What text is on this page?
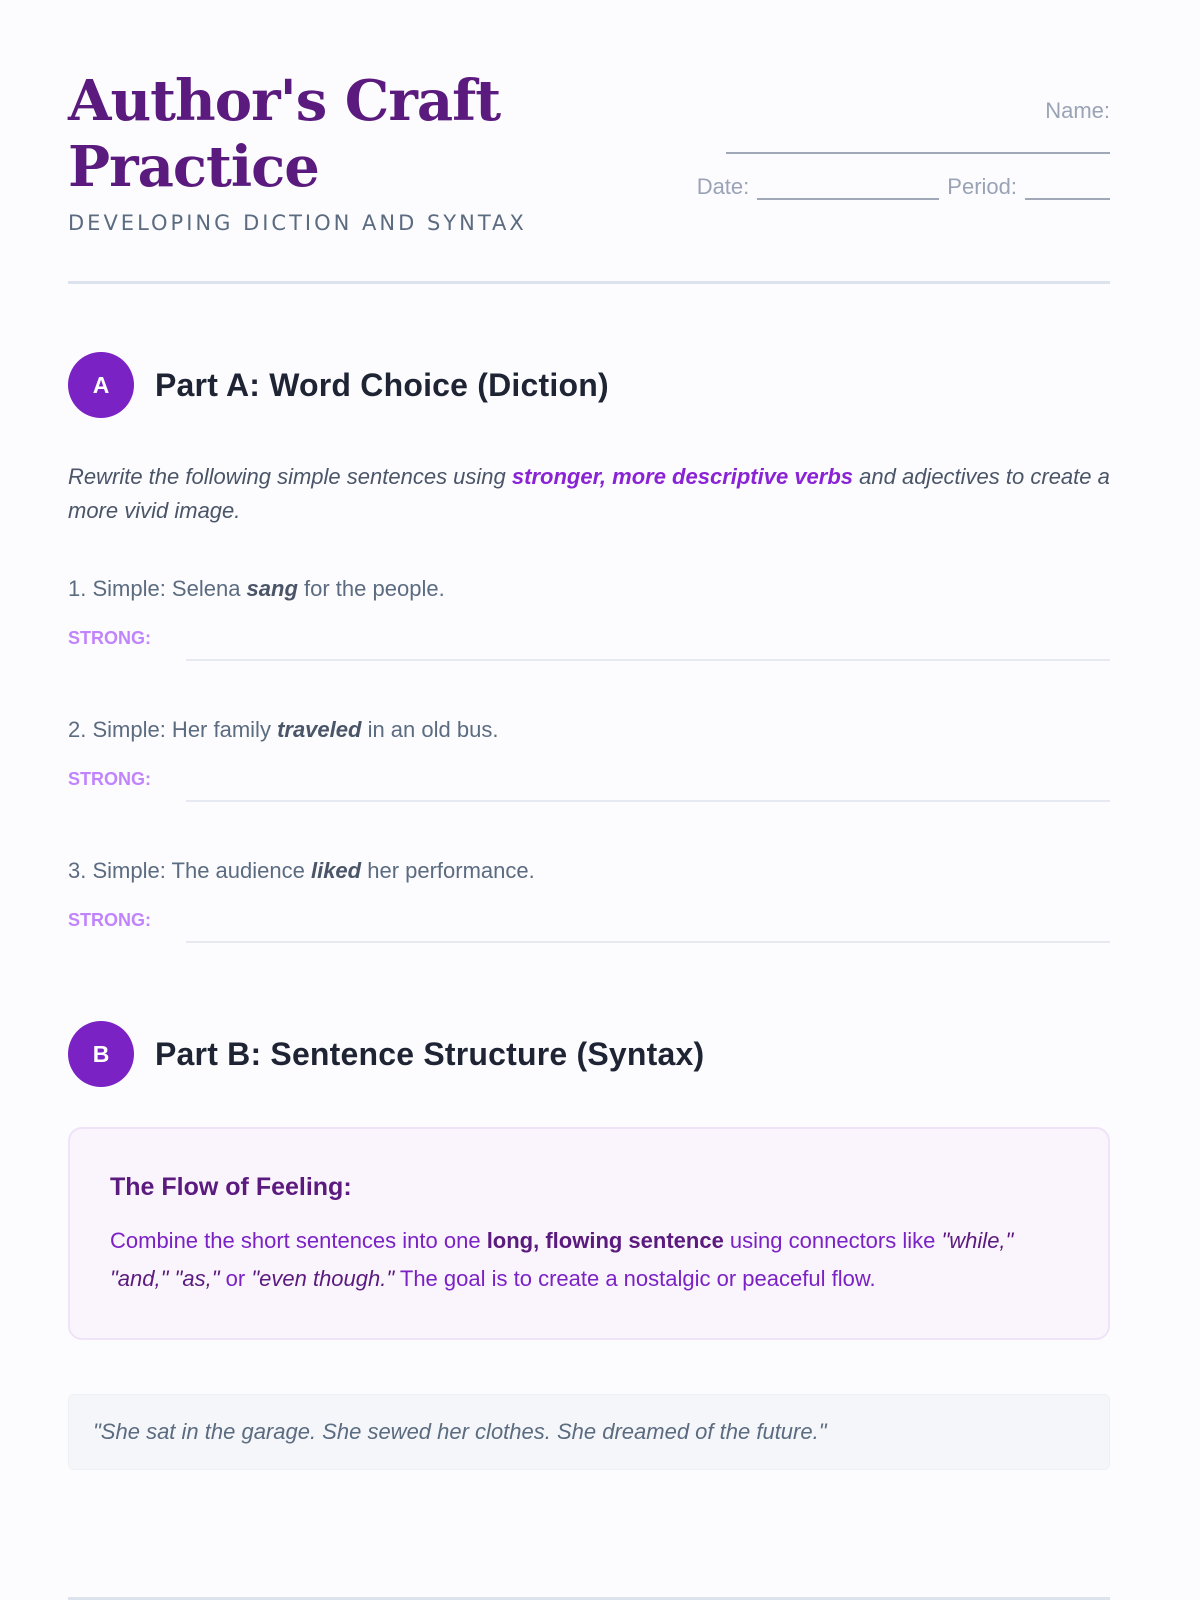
Author's Craft Practice
DEVELOPING DICTION AND SYNTAX
Name:
Date:	Period:
A	Part A: Word Choice (Diction)
Rewrite the following simple sentences using stronger, more descriptive verbs and adjectives to create a more vivid image.
1. Simple: Selena sang for the people.
STRONG:
2. Simple: Her family traveled in an old bus.
STRONG:
3. Simple: The audience liked her performance.
STRONG:
B	Part B: Sentence Structure (Syntax)
The Flow of Feeling:
Combine the short sentences into one long, flowing sentence using connectors like "while," "and," "as," or "even though." The goal is to create a nostalgic or peaceful flow.
"She sat in the garage. She sewed her clothes. She dreamed of the future."
